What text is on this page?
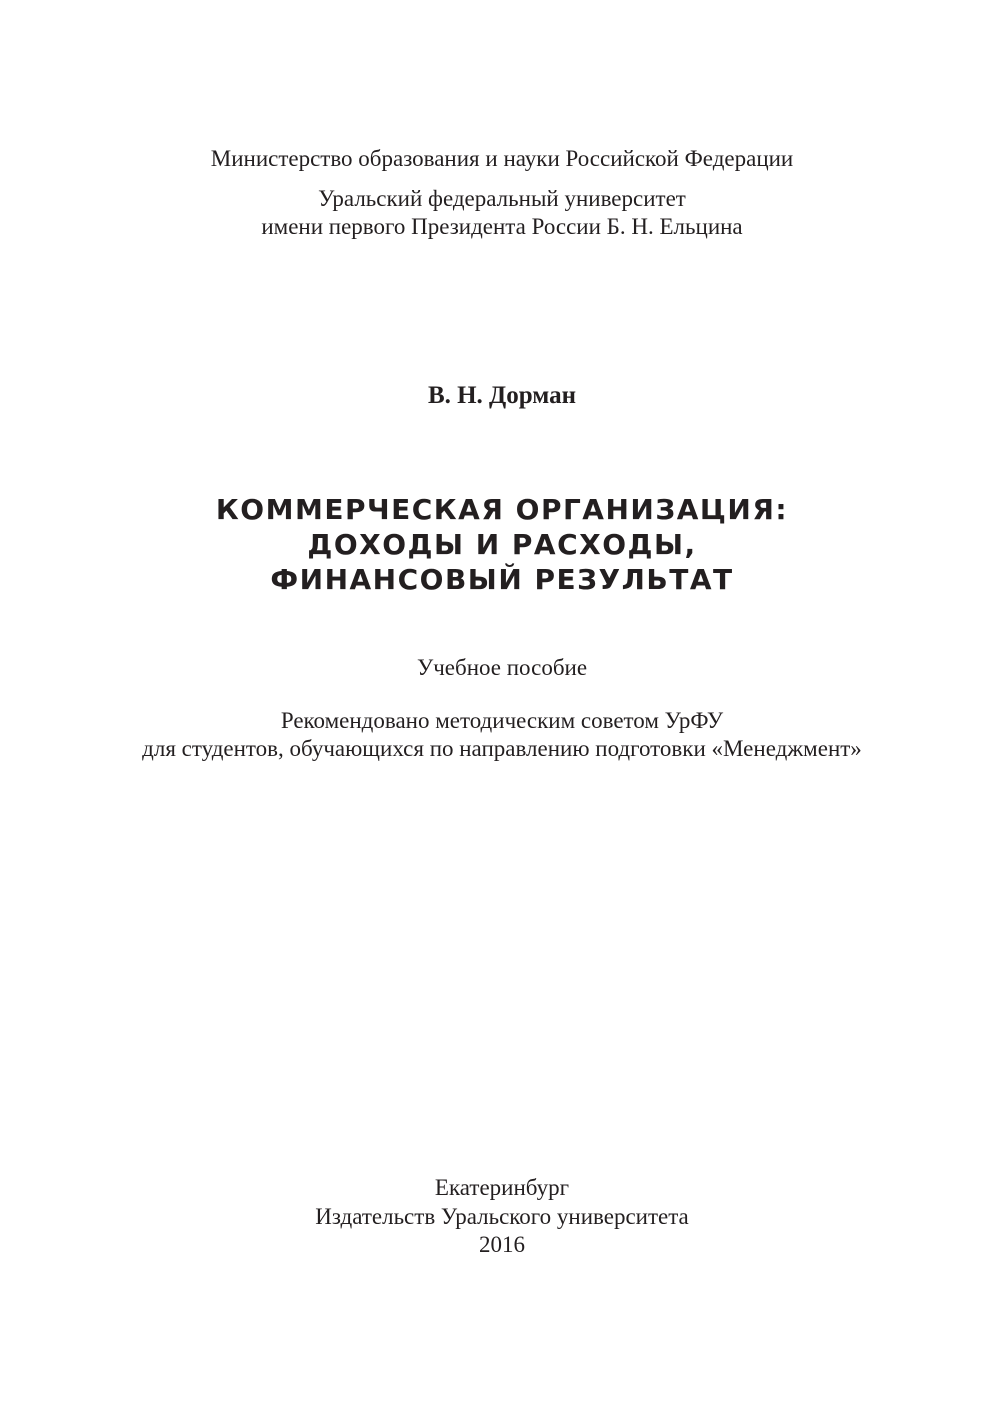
Министерство образования и науки Российской Федерации
Уральский федеральный университет
имени первого Президента России Б. Н. Ельцина
В. Н. Дорман
КОММЕРЧЕСКАЯ ОРГАНИЗАЦИЯ:
ДОХОДЫ И РАСХОДЫ,
ФИНАНСОВЫЙ РЕЗУЛЬТАТ
Учебное пособие
Рекомендовано методическим советом УрФУ
для студентов, обучающихся по направлению подготовки «Менеджмент»
Екатеринбург
Издательств Уральского университета
2016
